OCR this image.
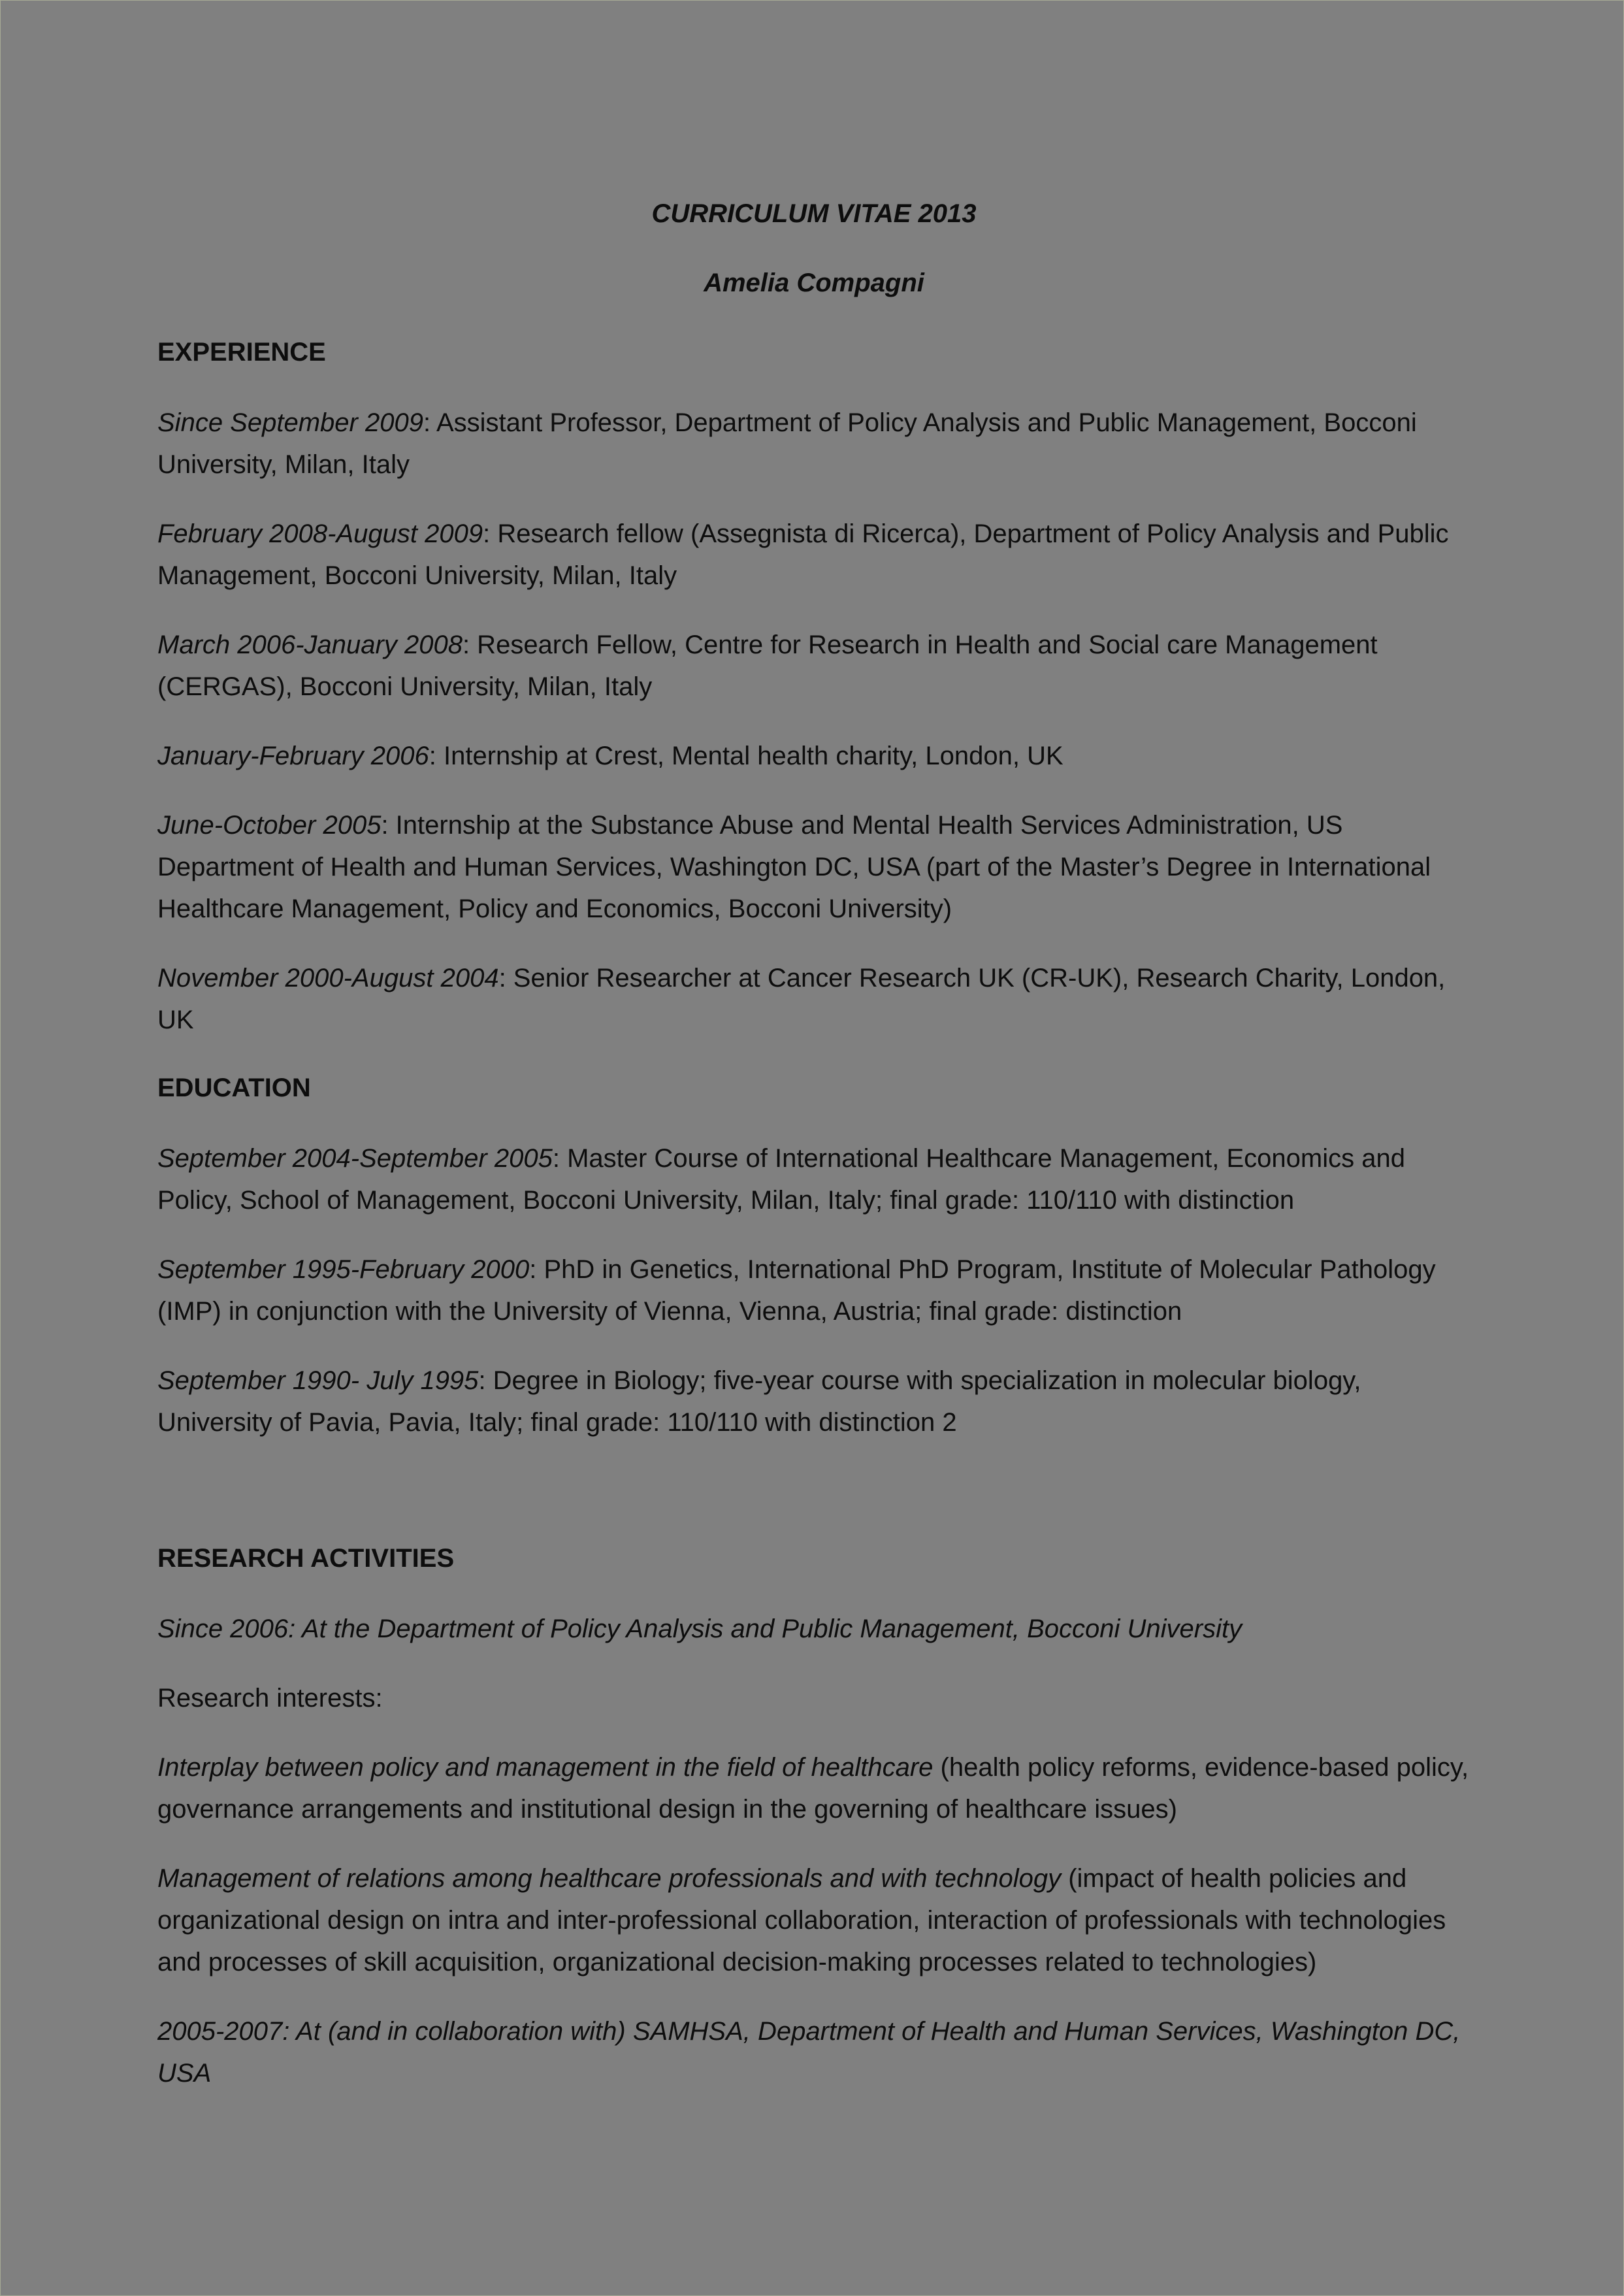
CURRICULUM VITAE 2013

Amelia Compagni

EXPERIENCE

Since September 2009: Assistant Professor, Department of Policy Analysis and Public Management, Bocconi University, Milan, Italy

February 2008-August 2009: Research fellow (Assegnista di Ricerca), Department of Policy Analysis and Public Management, Bocconi University, Milan, Italy

March 2006-January 2008: Research Fellow, Centre for Research in Health and Social care Management (CERGAS), Bocconi University, Milan, Italy

January-February 2006: Internship at Crest, Mental health charity, London, UK

June-October 2005: Internship at the Substance Abuse and Mental Health Services Administration, US Department of Health and Human Services, Washington DC, USA (part of the Master’s Degree in International Healthcare Management, Policy and Economics, Bocconi University)

November 2000-August 2004: Senior Researcher at Cancer Research UK (CR-UK), Research Charity, London, UK

EDUCATION

September 2004-September 2005: Master Course of International Healthcare Management, Economics and Policy, School of Management, Bocconi University, Milan, Italy; final grade: 110/110 with distinction

September 1995-February 2000: PhD in Genetics, International PhD Program, Institute of Molecular Pathology (IMP) in conjunction with the University of Vienna, Vienna, Austria; final grade: distinction

September 1990- July 1995: Degree in Biology; five-year course with specialization in molecular biology, University of Pavia, Pavia, Italy; final grade: 110/110 with distinction 2

RESEARCH ACTIVITIES

Since 2006: At the Department of Policy Analysis and Public Management, Bocconi University

Research interests:

Interplay between policy and management in the field of healthcare (health policy reforms, evidence-based policy, governance arrangements and institutional design in the governing of healthcare issues)

Management of relations among healthcare professionals and with technology (impact of health policies and organizational design on intra and inter-professional collaboration, interaction of professionals with technologies and processes of skill acquisition, organizational decision-making processes related to technologies)

2005-2007: At (and in collaboration with) SAMHSA, Department of Health and Human Services, Washington DC, USA
